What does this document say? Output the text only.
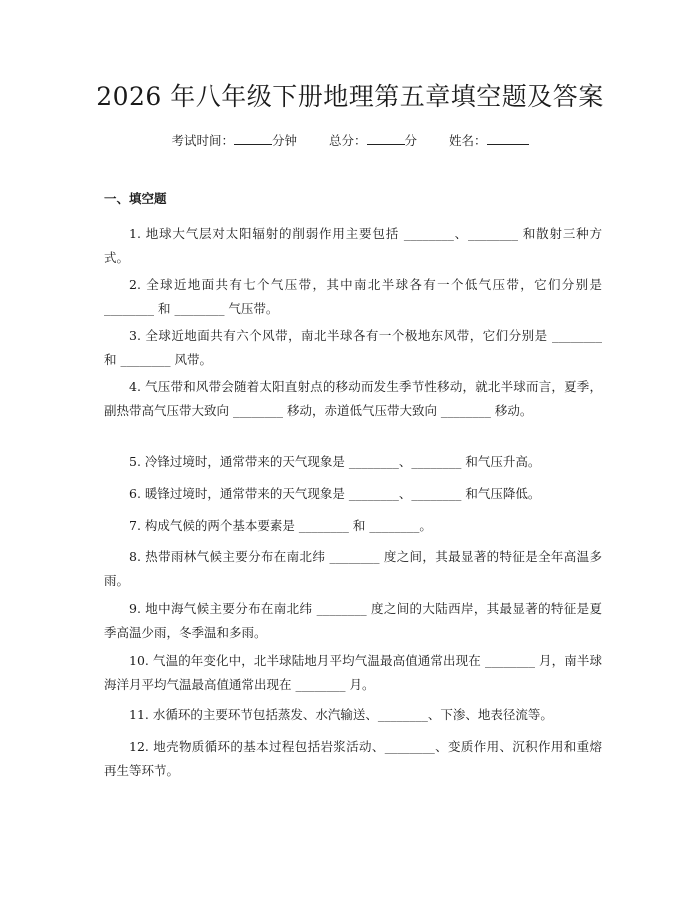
2026 年八年级下册地理第五章填空题及答案
考试时间：	分钟	总分：	分	姓名：
一、填空题
1. 地球大气层对太阳辐射的削弱作用主要包括 ________、________ 和散射三种方式。
2. 全球近地面共有七个气压带，其中南北半球各有一个低气压带，它们分别是 ________ 和 ________ 气压带。
3. 全球近地面共有六个风带，南北半球各有一个极地东风带，它们分别是 ________ 和 ________ 风带。
4. 气压带和风带会随着太阳直射点的移动而发生季节性移动，就北半球而言，夏季，副热带高气压带大致向 ________ 移动，赤道低气压带大致向 ________ 移动。
5. 冷锋过境时，通常带来的天气现象是 ________、________ 和气压升高。
6. 暖锋过境时，通常带来的天气现象是 ________、________ 和气压降低。
7. 构成气候的两个基本要素是 ________ 和 ________。
8. 热带雨林气候主要分布在南北纬 ________ 度之间，其最显著的特征是全年高温多雨。
9. 地中海气候主要分布在南北纬 ________ 度之间的大陆西岸，其最显著的特征是夏季高温少雨，冬季温和多雨。
10. 气温的年变化中，北半球陆地月平均气温最高值通常出现在 ________ 月，南半球海洋月平均气温最高值通常出现在 ________ 月。
11. 水循环的主要环节包括蒸发、水汽输送、________、下渗、地表径流等。
12. 地壳物质循环的基本过程包括岩浆活动、________、变质作用、沉积作用和重熔再生等环节。
